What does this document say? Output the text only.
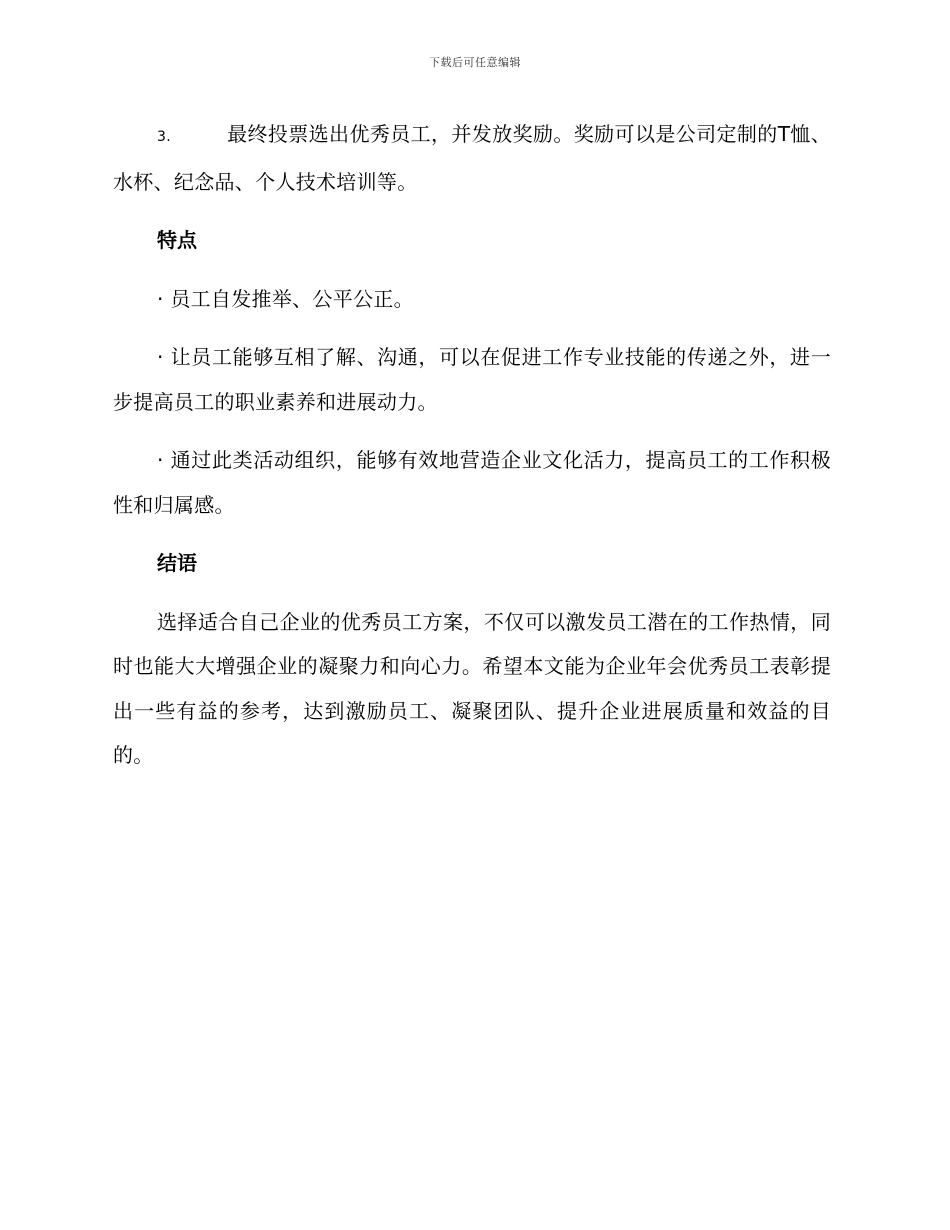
下载后可任意编辑

3.	最终投票选出优秀员工，并发放奖励。奖励可以是公司定制的T恤、水杯、纪念品、个人技术培训等。

特点

· 员工自发推举、公平公正。

· 让员工能够互相了解、沟通，可以在促进工作专业技能的传递之外，进一步提高员工的职业素养和进展动力。

· 通过此类活动组织，能够有效地营造企业文化活力，提高员工的工作积极性和归属感。

结语

选择适合自己企业的优秀员工方案，不仅可以激发员工潜在的工作热情，同时也能大大增强企业的凝聚力和向心力。希望本文能为企业年会优秀员工表彰提出一些有益的参考，达到激励员工、凝聚团队、提升企业进展质量和效益的目的。
